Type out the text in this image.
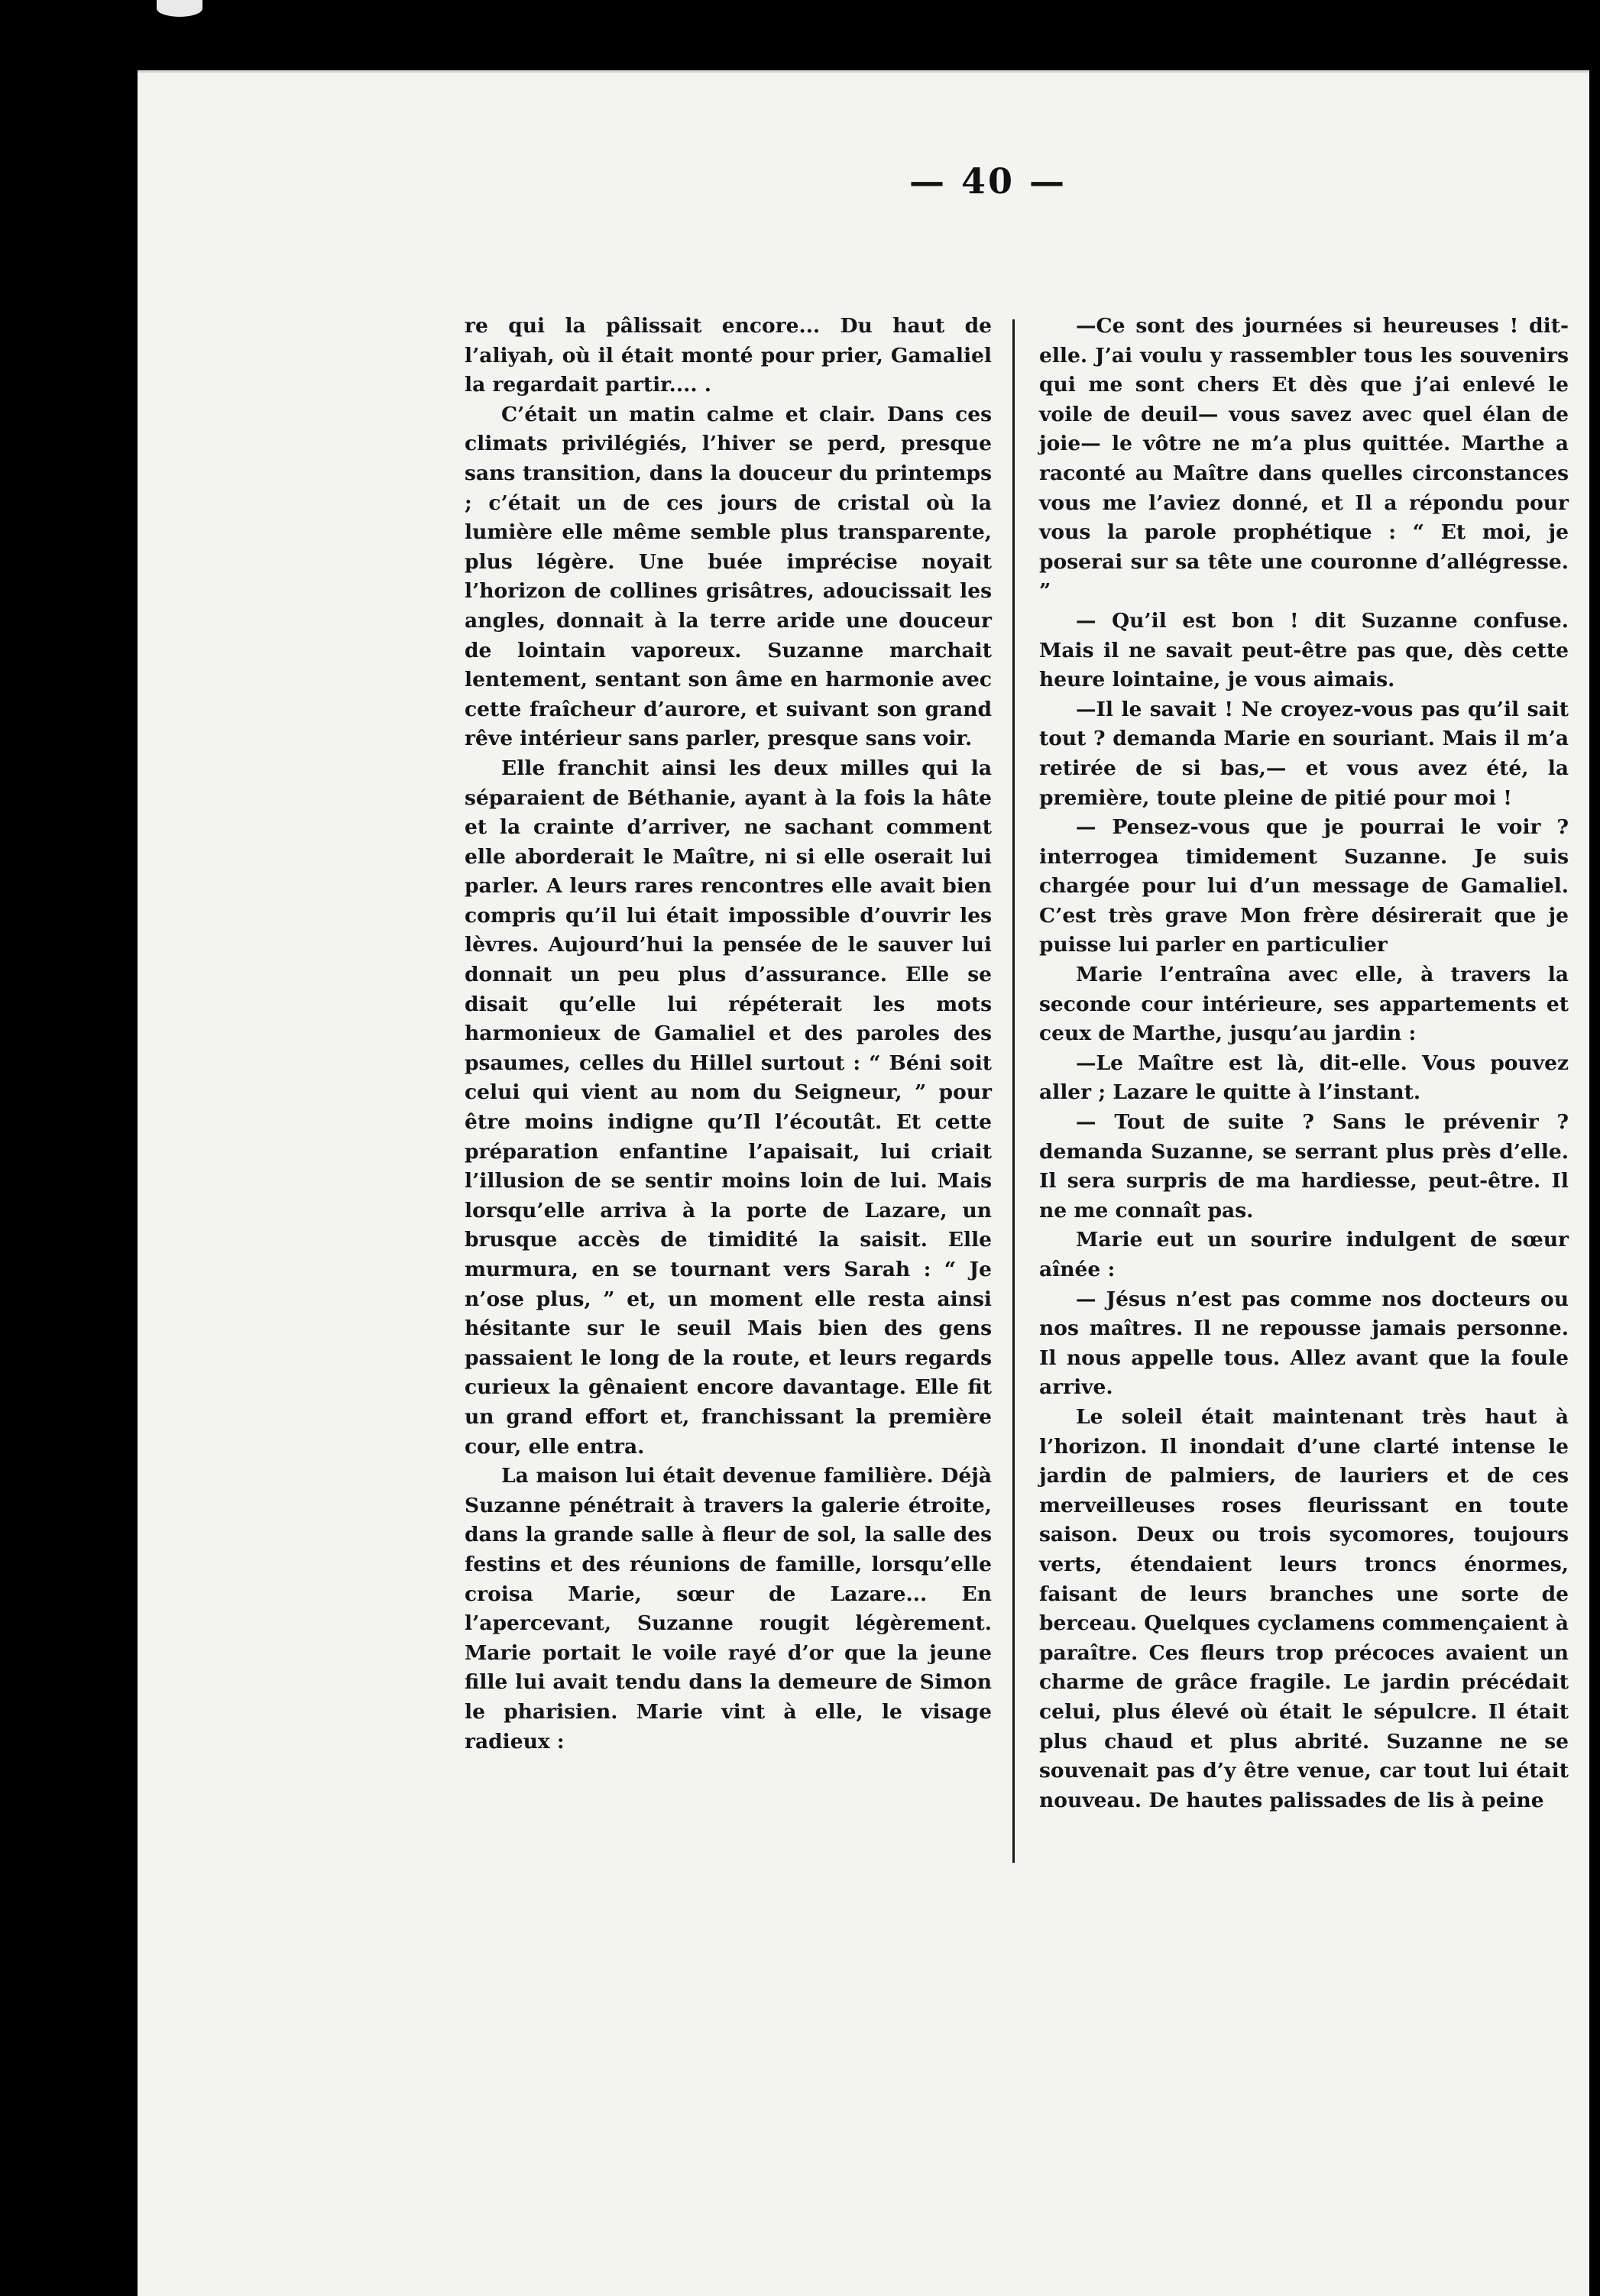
— 40 —

re qui la pâlissait encore... Du haut de l’aliyah, où il était monté pour prier, Gamaliel la regardait partir.... .

C’était un matin calme et clair. Dans ces climats privilégiés, l’hiver se perd, presque sans transition, dans la douceur du printemps ; c’était un de ces jours de cristal où la lumière elle même semble plus transparente, plus légère. Une buée imprécise noyait l’horizon de collines grisâtres, adoucissait les angles, donnait à la terre aride une douceur de lointain vaporeux. Suzanne marchait lentement, sentant son âme en harmonie avec cette fraîcheur d’aurore, et suivant son grand rêve intérieur sans parler, presque sans voir.

Elle franchit ainsi les deux milles qui la séparaient de Béthanie, ayant à la fois la hâte et la crainte d’arriver, ne sachant comment elle aborderait le Maître, ni si elle oserait lui parler. A leurs rares rencontres elle avait bien compris qu’il lui était impossible d’ouvrir les lèvres. Aujourd’hui la pensée de le sauver lui donnait un peu plus d’assurance. Elle se disait qu’elle lui répéterait les mots harmonieux de Gamaliel et des paroles des psaumes, celles du Hillel surtout : “ Béni soit celui qui vient au nom du Seigneur, ” pour être moins indigne qu’Il l’écoutât. Et cette préparation enfantine l’apaisait, lui criait l’illusion de se sentir moins loin de lui. Mais lorsqu’elle arriva à la porte de Lazare, un brusque accès de timidité la saisit. Elle murmura, en se tournant vers Sarah : “ Je n’ose plus, ” et, un moment elle resta ainsi hésitante sur le seuil Mais bien des gens passaient le long de la route, et leurs regards curieux la gênaient encore davantage. Elle fit un grand effort et, franchissant la première cour, elle entra.

La maison lui était devenue familière. Déjà Suzanne pénétrait à travers la galerie étroite, dans la grande salle à fleur de sol, la salle des festins et des réunions de famille, lorsqu’elle croisa Marie, sœur de Lazare... En l’apercevant, Suzanne rougit légèrement. Marie portait le voile rayé d’or que la jeune fille lui avait tendu dans la demeure de Simon le pharisien. Marie vint à elle, le visage radieux :

—Ce sont des journées si heureuses ! dit-elle. J’ai voulu y rassembler tous les souvenirs qui me sont chers Et dès que j’ai enlevé le voile de deuil— vous savez avec quel élan de joie— le vôtre ne m’a plus quittée. Marthe a raconté au Maître dans quelles circonstances vous me l’aviez donné, et Il a répondu pour vous la parole prophétique : “ Et moi, je poserai sur sa tête une couronne d’allégresse. ”

— Qu’il est bon ! dit Suzanne confuse. Mais il ne savait peut-être pas que, dès cette heure lointaine, je vous aimais.

—Il le savait ! Ne croyez-vous pas qu’il sait tout ? demanda Marie en souriant. Mais il m’a retirée de si bas,— et vous avez été, la première, toute pleine de pitié pour moi !

— Pensez-vous que je pourrai le voir ? interrogea timidement Suzanne. Je suis chargée pour lui d’un message de Gamaliel. C’est très grave Mon frère désirerait que je puisse lui parler en particulier

Marie l’entraîna avec elle, à travers la seconde cour intérieure, ses appartements et ceux de Marthe, jusqu’au jardin :

—Le Maître est là, dit-elle. Vous pouvez aller ; Lazare le quitte à l’instant.

— Tout de suite ? Sans le prévenir ? demanda Suzanne, se serrant plus près d’elle. Il sera surpris de ma hardiesse, peut-être. Il ne me connaît pas.

Marie eut un sourire indulgent de sœur aînée :

— Jésus n’est pas comme nos docteurs ou nos maîtres. Il ne repousse jamais personne. Il nous appelle tous. Allez avant que la foule arrive.

Le soleil était maintenant très haut à l’horizon. Il inondait d’une clarté intense le jardin de palmiers, de lauriers et de ces merveilleuses roses fleurissant en toute saison. Deux ou trois sycomores, toujours verts, étendaient leurs troncs énormes, faisant de leurs branches une sorte de berceau. Quelques cyclamens commençaient à paraître. Ces fleurs trop précoces avaient un charme de grâce fragile. Le jardin précédait celui, plus élevé où était le sépulcre. Il était plus chaud et plus abrité. Suzanne ne se souvenait pas d’y être venue, car tout lui était nouveau. De hautes palissades de lis à peine
